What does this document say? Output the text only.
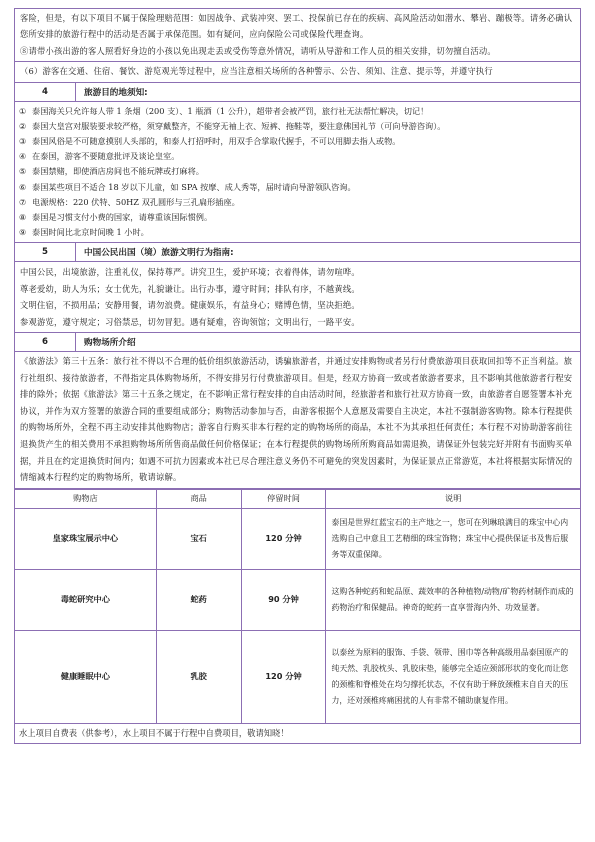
客险，但是，有以下项目不属于保险理赔范围：如因战争、武装冲突、罢工、投保前已存在的疾病、高风险活动如潜水、攀岩、蹦极等。请务必确认您所安排的旅游行程中的活动是否属于承保范围。如有疑问，应向保险公司或保险代理查询。

⑧请带小孩出游的客人照看好身边的小孩以免出现走丢或受伤等意外情况，请听从导游和工作人员的相关安排，切勿擅自活动。

（6）游客在交通、住宿、餐饮、游览观光等过程中，应当注意相关场所的各种警示、公告、须知、注意、提示等，并遵守执行

4	旅游目的地须知:
① 泰国海关只允许每人带 1 条烟（200 支）、1 瓶酒（1 公升），超带者会被严罚，旅行社无法帮忙解决，切记！
② 泰国大皇宫对服装要求较严格，须穿戴整齐，不能穿无袖上衣、短裤、拖鞋等，要注意佛国礼节（可向导游咨询）。
③ 泰国风俗是不可随意摸别人头部的，和泰人打招呼时，用双手合掌取代握手，不可以用脚去指人或物。
④ 在泰国，游客不要随意批评及谈论皇室。
⑤ 泰国禁赌，即使酒店房间也不能玩牌或打麻将。
⑥ 泰国某些项目不适合 18 岁以下儿童，如 SPA 按摩、成人秀等，届时请向导游领队咨询。
⑦ 电源规格：220 伏特、50HZ 双孔圆形与三孔扁形插座。
⑧ 泰国是习惯支付小费的国家，请尊重该国际惯例。
⑨ 泰国时间比北京时间晚 1 小时。
5	中国公民出国（境）旅游文明行为指南:

中国公民，出境旅游，注重礼仪，保持尊严。讲究卫生，爱护环境；衣着得体，请勿喧哗。

尊老爱幼，助人为乐；女士优先，礼貌谦让。出行办事，遵守时间；排队有序，不越黄线。

文明住宿，不损用品；安静用餐，请勿浪费。健康娱乐，有益身心；赌博色情，坚决拒绝。

参观游览，遵守规定；习俗禁忌，切勿冒犯。遇有疑难，咨询领馆；文明出行，一路平安。

6	购物场所介绍

《旅游法》第三十五条：旅行社不得以不合理的低价组织旅游活动，诱骗旅游者，并通过安排购物或者另行付费旅游项目获取回扣等不正当利益。旅行社组织、接待旅游者，不得指定具体购物场所，不得安排另行付费旅游项目。但是，经双方协商一致或者旅游者要求，且不影响其他旅游者行程安排的除外；依据《旅游法》第三十五条之规定，在不影响正常行程安排的自由活动时间，经旅游者和旅行社双方协商一致，由旅游者自愿签署本补充协议，并作为双方签署的旅游合同的重要组成部分；购物活动参加与否，由游客根据个人意愿及需要自主决定，本社不强制游客购物。除本行程提供的购物场所外，全程不再主动安排其他购物店；游客自行购买非本行程约定的购物场所的商品，本社不为其承担任何责任；本行程不对协助游客前往退换货产生的相关费用不承担购物场所所售商品做任何价格保证；在本行程提供的购物场所所购商品如需退换，请保证外包装完好并附有书面购买单据，并且在约定退换货时间内；如遇不可抗力因素或本社已尽合理注意义务仍不可避免的突发因素时，为保证景点正常游览，本社将根据实际情况的情缩减本行程约定的购物场所，敬请谅解。

购物店	商品	停留时间	说明
皇家珠宝展示中心	宝石	120 分钟	泰国是世界红蓝宝石的主产地之一，您可在列琳琅满目的珠宝中心内选购自己中意且工艺精细的珠宝饰物；珠宝中心提供保证书及售后服务等双重保障。
毒蛇研究中心	蛇药	90 分钟	这购各种蛇药和蛇品原、蔬效率的各种植物/动物/矿物药材制作而成的药物治疗和保健品。神奇的蛇药一直享誉海内外、功效显著。
健康睡眠中心	乳胶	120 分钟	以泰丝为原料的服饰、手袋、领带、围巾等各种高级用品泰国原产的纯天然、乳胶枕头、乳胶床垫，能够完全适应颈部形状的变化而让您的颈椎和脊椎处在均匀撑托状态，不仅有助于释放颈椎末自自天的压力，还对颈椎疼痛困扰的人有非常不辅助康复作用。
水上项目自费表（供参考），水上项目不属于行程中自费项目，敬请知晓！
